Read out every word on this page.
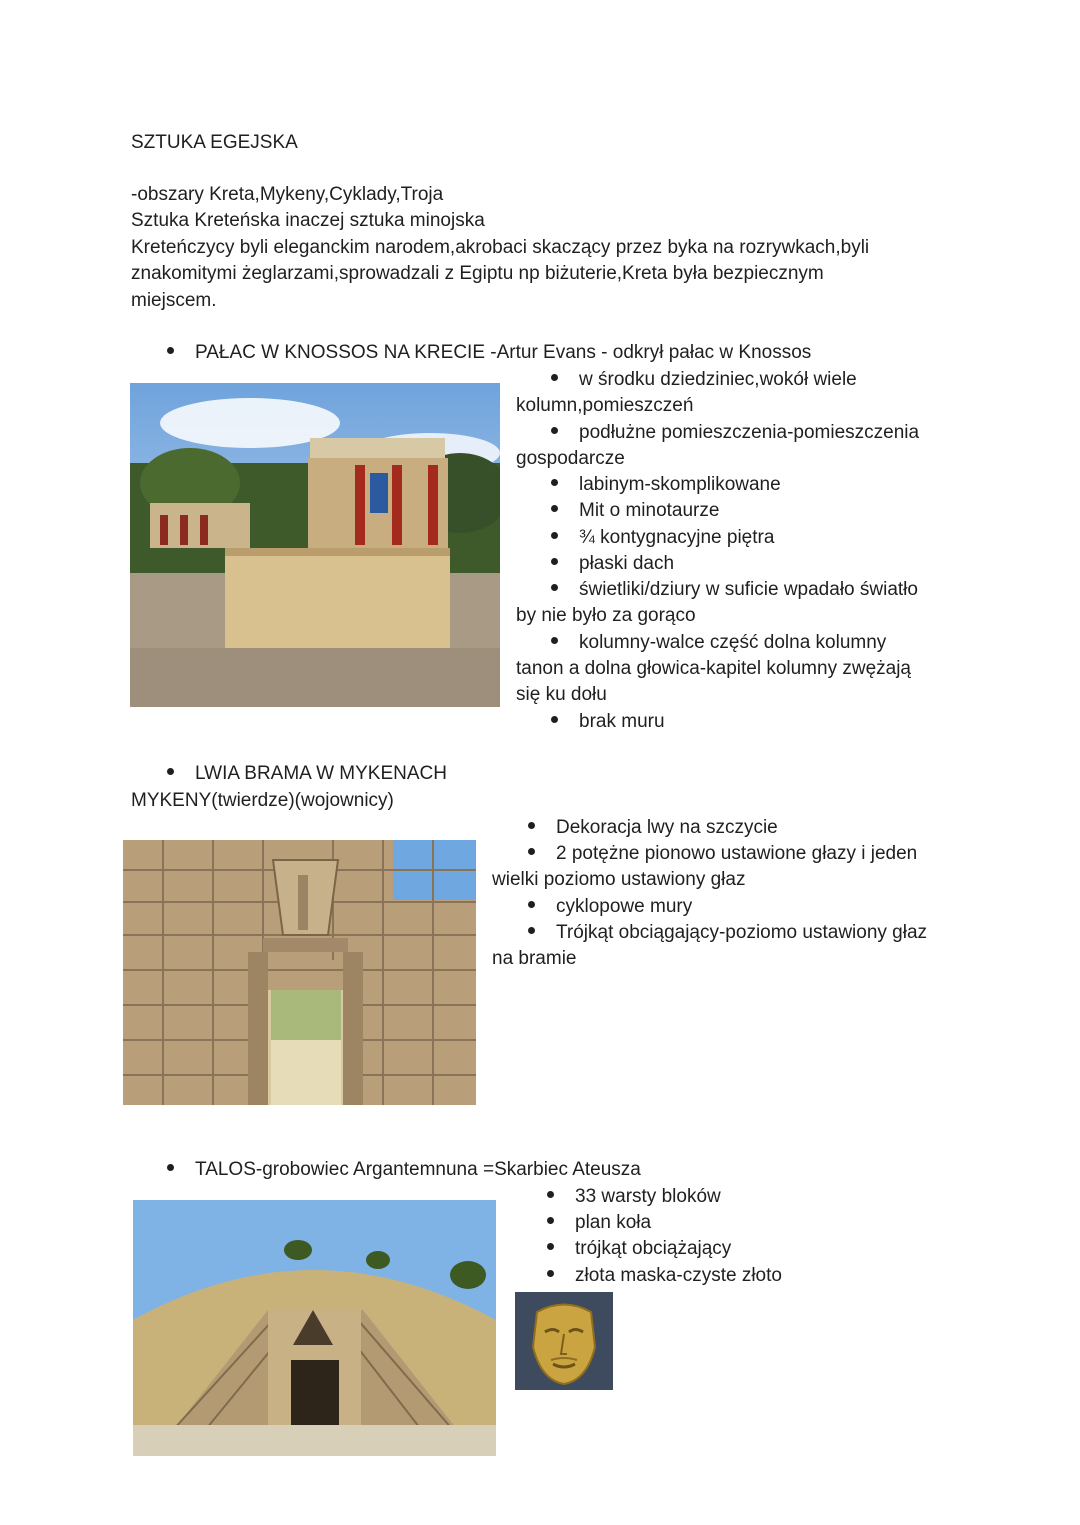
SZTUKA EGEJSKA
-obszary Kreta,Mykeny,Cyklady,Troja
Sztuka Kreteńska inaczej sztuka minojska
Kreteńczycy byli eleganckim narodem,akrobaci skaczący przez byka na rozrywkach,byli
znakomitymi żeglarzami,sprowadzali z Egiptu np biżuterie,Kreta była bezpiecznym
miejscem.
PAŁAC W KNOSSOS NA KRECIE -Artur Evans - odkrył pałac w Knossos
w środku dziedziniec,wokół wiele
kolumn,pomieszczeń
podłużne pomieszczenia-pomieszczenia
gospodarcze
labinym-skomplikowane
Mit o minotaurze
¾ kontygnacyjne piętra
płaski dach
świetliki/dziury w suficie wpadało światło
by nie było za gorąco
kolumny-walce część dolna kolumny
tanon a dolna głowica-kapitel kolumny zwężają
się ku dołu
brak muru
LWIA BRAMA W MYKENACH
MYKENY(twierdze)(wojownicy)
Dekoracja lwy na szczycie
2 potężne pionowo ustawione głazy i jeden
wielki poziomo ustawiony głaz
cyklopowe mury
Trójkąt obciągający-poziomo ustawiony głaz
na bramie
TALOS-grobowiec Argantemnuna =Skarbiec Ateusza
33 warsty bloków
plan koła
trójkąt obciążający
złota maska-czyste złoto
